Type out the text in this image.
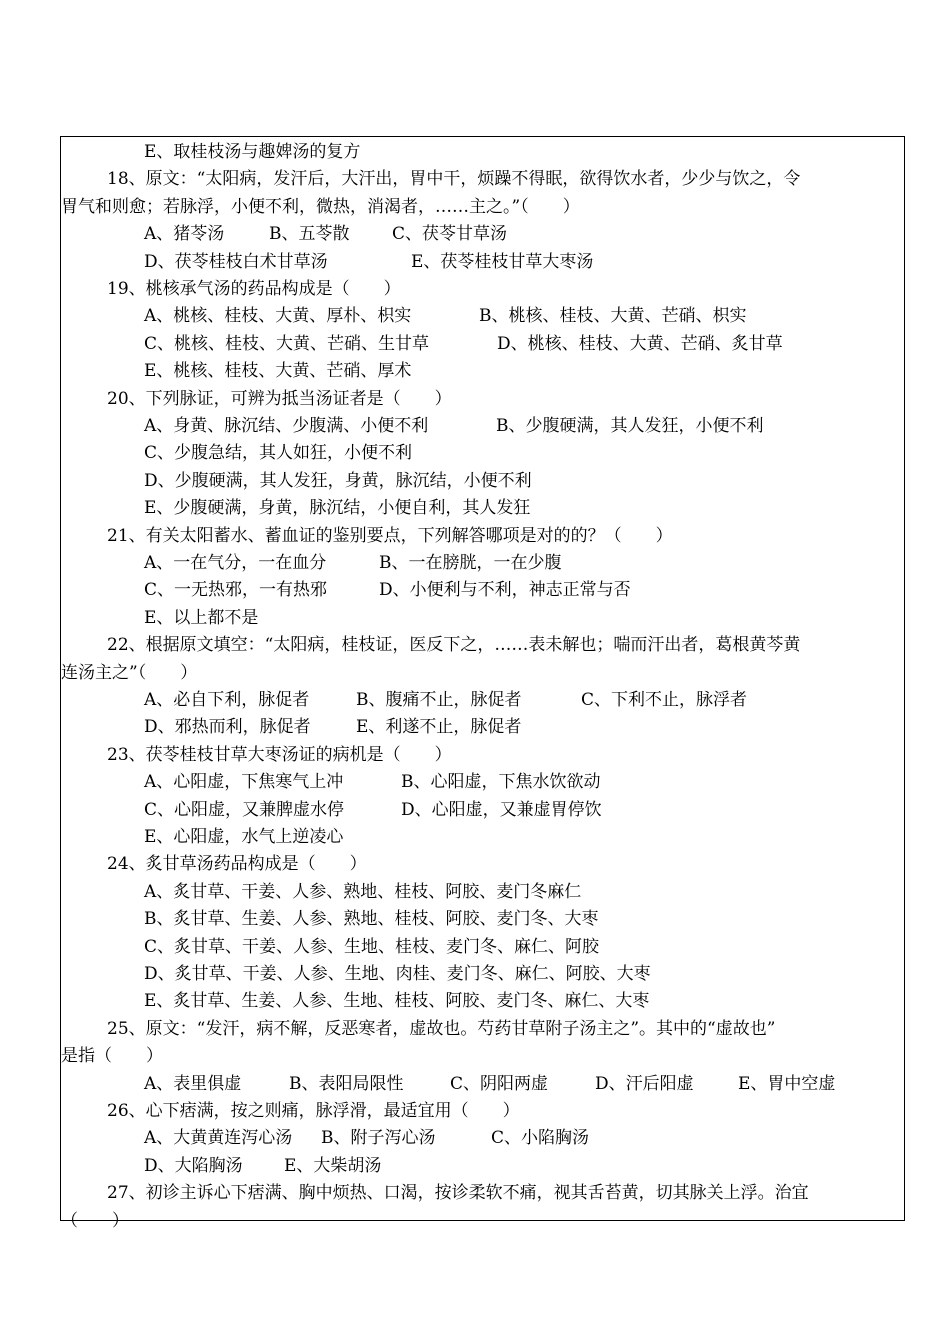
E、取桂枝汤与趣婢汤的复方
18、原文：“太阳病，发汗后，大汗出，胃中干，烦躁不得眠，欲得饮水者，少少与饮之，令
胃气和则愈；若脉浮，小便不利，微热，消渴者，……主之。”（　　）
A、猪苓汤	B、五苓散	C、茯苓甘草汤
D、茯苓桂枝白术甘草汤	E、茯苓桂枝甘草大枣汤
19、桃核承气汤的药品构成是（　　）
A、桃核、桂枝、大黄、厚朴、枳实	B、桃核、桂枝、大黄、芒硝、枳实
C、桃核、桂枝、大黄、芒硝、生甘草	D、桃核、桂枝、大黄、芒硝、炙甘草
E、桃核、桂枝、大黄、芒硝、厚术
20、下列脉证，可辨为抵当汤证者是（　　）
A、身黄、脉沉结、少腹满、小便不利	B、少腹硬满，其人发狂，小便不利
C、少腹急结，其人如狂，小便不利
D、少腹硬满，其人发狂，身黄，脉沉结，小便不利
E、少腹硬满，身黄，脉沉结，小便自利，其人发狂
21、有关太阳蓄水、蓄血证的鉴别要点，下列解答哪项是对的的？（　　）
A、一在气分，一在血分	B、一在膀胱，一在少腹
C、一无热邪，一有热邪	D、小便利与不利，神志正常与否
E、以上都不是
22、根据原文填空：“太阳病，桂枝证，医反下之，……表未解也；喘而汗出者，葛根黄芩黄
连汤主之”（　　）
A、必自下利，脉促者	B、腹痛不止，脉促者	C、下利不止，脉浮者
D、邪热而利，脉促者	E、利遂不止，脉促者
23、茯苓桂枝甘草大枣汤证的病机是（　　）
A、心阳虚，下焦寒气上冲	B、心阳虚，下焦水饮欲动
C、心阳虚，又兼脾虚水停	D、心阳虚，又兼虚胃停饮
E、心阳虚，水气上逆凌心
24、炙甘草汤药品构成是（　　）
A、炙甘草、干姜、人参、熟地、桂枝、阿胶、麦门冬麻仁
B、炙甘草、生姜、人参、熟地、桂枝、阿胶、麦门冬、大枣
C、炙甘草、干姜、人参、生地、桂枝、麦门冬、麻仁、阿胶
D、炙甘草、干姜、人参、生地、肉桂、麦门冬、麻仁、阿胶、大枣
E、炙甘草、生姜、人参、生地、桂枝、阿胶、麦门冬、麻仁、大枣
25、原文：“发汗，病不解，反恶寒者，虚故也。芍药甘草附子汤主之”。其中的“虚故也”
是指（　　）
A、表里俱虚	B、表阳局限性	C、阴阳两虚	D、汗后阳虚	E、胃中空虚
26、心下痞满，按之则痛，脉浮滑，最适宜用（　　）
A、大黄黄连泻心汤 B、附子泻心汤	C、小陷胸汤
D、大陷胸汤 E、大柴胡汤
27、初诊主诉心下痞满、胸中烦热、口渴，按诊柔软不痛，视其舌苔黄，切其脉关上浮。治宜
（　　）
